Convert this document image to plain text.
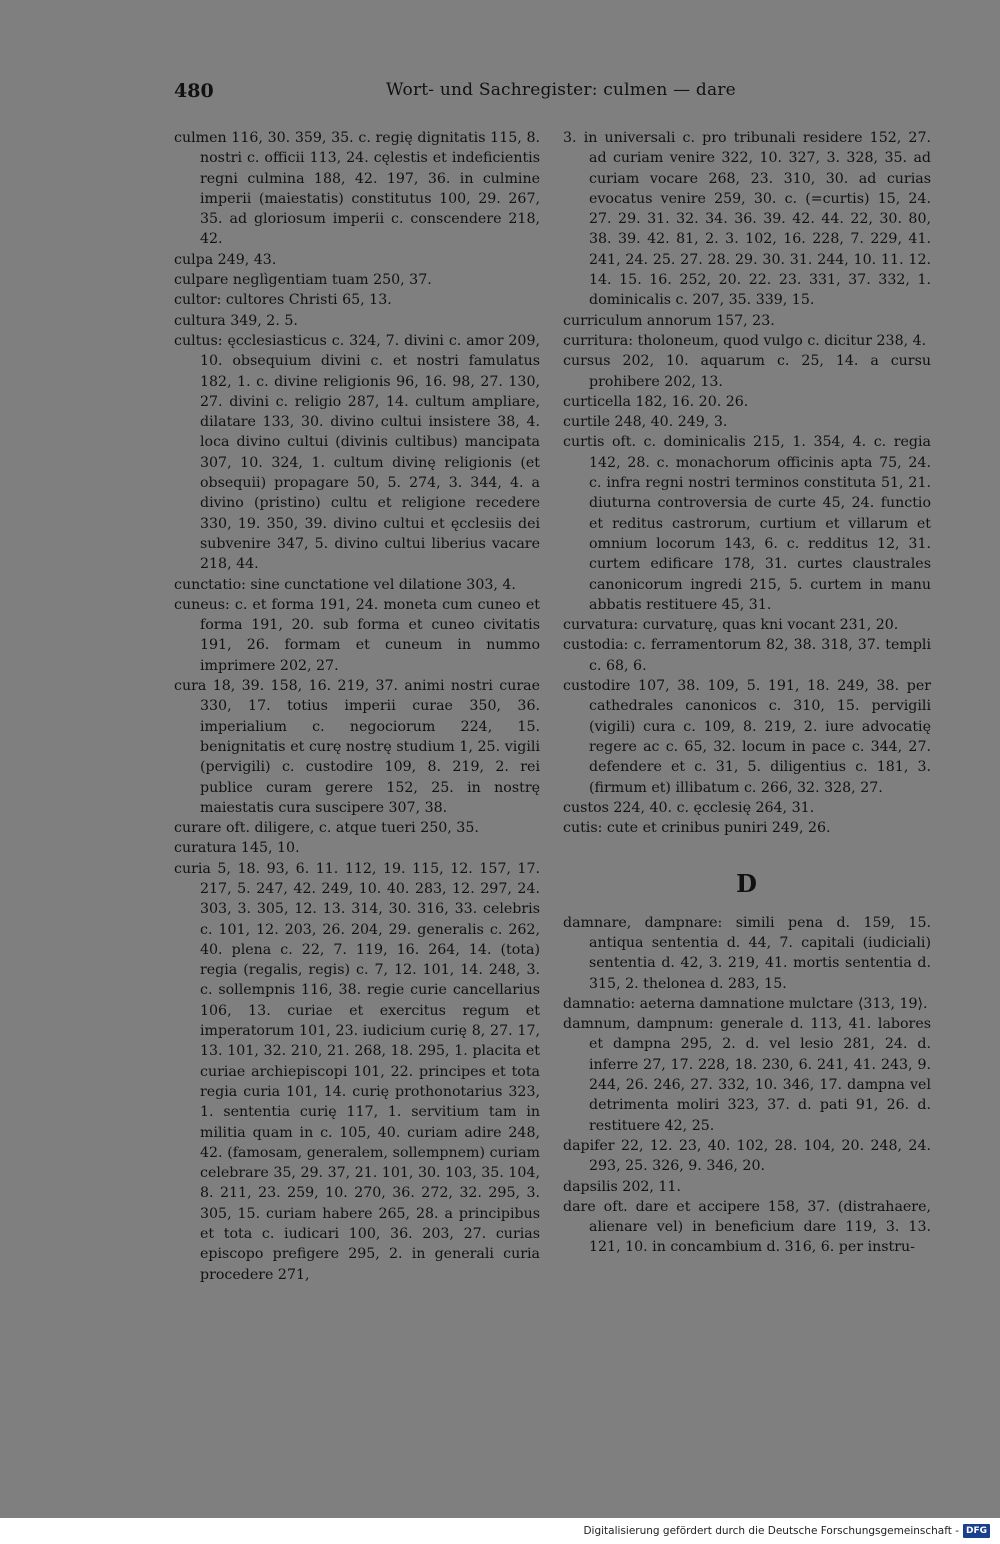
480	Wort- und Sachregister: culmen — dare

culmen 116, 30. 359, 35. c. regię dignitatis 115, 8. nostri c. officii 113, 24. cęlestis et indeficientis regni culmina 188, 42. 197, 36. in culmine imperii (maiestatis) constitutus 100, 29. 267, 35. ad gloriosum imperii c. conscendere 218, 42.

culpa 249, 43.

culpare neglìgentiam tuam 250, 37.

cultor: cultores Christi 65, 13.

cultura 349, 2. 5.

cultus: ęcclesiasticus c. 324, 7. divini c. amor 209, 10. obsequium divini c. et nostri famulatus 182, 1. c. divine religionis 96, 16. 98, 27. 130, 27. divini c. religio 287, 14. cultum ampliare, dilatare 133, 30. divino cultui insistere 38, 4. loca divino cultui (divinis cultibus) mancipata 307, 10. 324, 1. cultum divinę religionis (et obsequii) propagare 50, 5. 274, 3. 344, 4. a divino (pristino) cultu et religione recedere 330, 19. 350, 39. divino cultui et ęcclesiis dei subvenire 347, 5. divino cultui liberius vacare 218, 44.

cunctatio: sine cunctatione vel dilatione 303, 4.

cuneus: c. et forma 191, 24. moneta cum cuneo et forma 191, 20. sub forma et cuneo civitatis 191, 26. formam et cuneum in nummo imprimere 202, 27.

cura 18, 39. 158, 16. 219, 37. animi nostri curae 330, 17. totius imperii curae 350, 36. imperialium c. negociorum 224, 15. benignitatis et curę nostrę studium 1, 25. vigili (pervigili) c. custodire 109, 8. 219, 2. rei publice curam gerere 152, 25. in nostrę maiestatis cura suscipere 307, 38.

curare oft. diligere, c. atque tueri 250, 35.

curatura 145, 10.

curia 5, 18. 93, 6. 11. 112, 19. 115, 12. 157, 17. 217, 5. 247, 42. 249, 10. 40. 283, 12. 297, 24. 303, 3. 305, 12. 13. 314, 30. 316, 33. celebris c. 101, 12. 203, 26. 204, 29. generalis c. 262, 40. plena c. 22, 7. 119, 16. 264, 14. (tota) regia (regalis, regis) c. 7, 12. 101, 14. 248, 3. c. sollempnis 116, 38. regie curie cancellarius 106, 13. curiae et exercitus regum et imperatorum 101, 23. iudicium curię 8, 27. 17, 13. 101, 32. 210, 21. 268, 18. 295, 1. placita et curiae archiepiscopi 101, 22. principes et tota regia curia 101, 14. curię prothonotarius 323, 1. sententia curię 117, 1. servitium tam in militia quam in c. 105, 40. curiam adire 248, 42. (famosam, generalem, sollempnem) curiam celebrare 35, 29. 37, 21. 101, 30. 103, 35. 104, 8. 211, 23. 259, 10. 270, 36. 272, 32. 295, 3. 305, 15. curiam habere 265, 28. a principibus et tota c. iudicari 100, 36. 203, 27. curias episcopo prefigere 295, 2. in generali curia procedere 271,

3. in universali c. pro tribunali residere 152, 27. ad curiam venire 322, 10. 327, 3. 328, 35. ad curiam vocare 268, 23. 310, 30. ad curias evocatus venire 259, 30. c. (=curtis) 15, 24. 27. 29. 31. 32. 34. 36. 39. 42. 44. 22, 30. 80, 38. 39. 42. 81, 2. 3. 102, 16. 228, 7. 229, 41. 241, 24. 25. 27. 28. 29. 30. 31. 244, 10. 11. 12. 14. 15. 16. 252, 20. 22. 23. 331, 37. 332, 1. dominicalis c. 207, 35. 339, 15.

curriculum annorum 157, 23.

curritura: tholoneum, quod vulgo c. dicitur 238, 4.

cursus 202, 10. aquarum c. 25, 14. a cursu prohibere 202, 13.

curticella 182, 16. 20. 26.

curtile 248, 40. 249, 3.

curtis oft. c. dominicalis 215, 1. 354, 4. c. regia 142, 28. c. monachorum officinis apta 75, 24. c. infra regni nostri terminos constituta 51, 21. diuturna controversia de curte 45, 24. functio et reditus castrorum, curtium et villarum et omnium locorum 143, 6. c. redditus 12, 31. curtem edificare 178, 31. curtes claustrales canonicorum ingredi 215, 5. curtem in manu abbatis restituere 45, 31.

curvatura: curvaturę, quas kni vocant 231, 20.

custodia: c. ferramentorum 82, 38. 318, 37. templi c. 68, 6.

custodire 107, 38. 109, 5. 191, 18. 249, 38. per cathedrales canonicos c. 310, 15. pervigili (vigili) cura c. 109, 8. 219, 2. iure advocatię regere ac c. 65, 32. locum in pace c. 344, 27. defendere et c. 31, 5. diligentius c. 181, 3. (firmum et) illibatum c. 266, 32. 328, 27.

custos 224, 40. c. ęcclesię 264, 31.

cutis: cute et crinibus puniri 249, 26.

D

damnare, dampnare: simili pena d. 159, 15. antiqua sententia d. 44, 7. capitali (iudiciali) sententia d. 42, 3. 219, 41. mortis sententia d. 315, 2. thelonea d. 283, 15.

damnatio: aeterna damnatione mulctare ⟨313, 19⟩.

damnum, dampnum: generale d. 113, 41. labores et dampna 295, 2. d. vel lesio 281, 24. d. inferre 27, 17. 228, 18. 230, 6. 241, 41. 243, 9. 244, 26. 246, 27. 332, 10. 346, 17. dampna vel detrimenta moliri 323, 37. d. pati 91, 26. d. restituere 42, 25.

dapifer 22, 12. 23, 40. 102, 28. 104, 20. 248, 24. 293, 25. 326, 9. 346, 20.

dapsilis 202, 11.

dare oft. dare et accipere 158, 37. (distrahaere, alienare vel) in beneficium dare 119, 3. 13. 121, 10. in concambium d. 316, 6. per instru-

Digitalisierung gefördert durch die Deutsche Forschungsgemeinschaft - DFG
